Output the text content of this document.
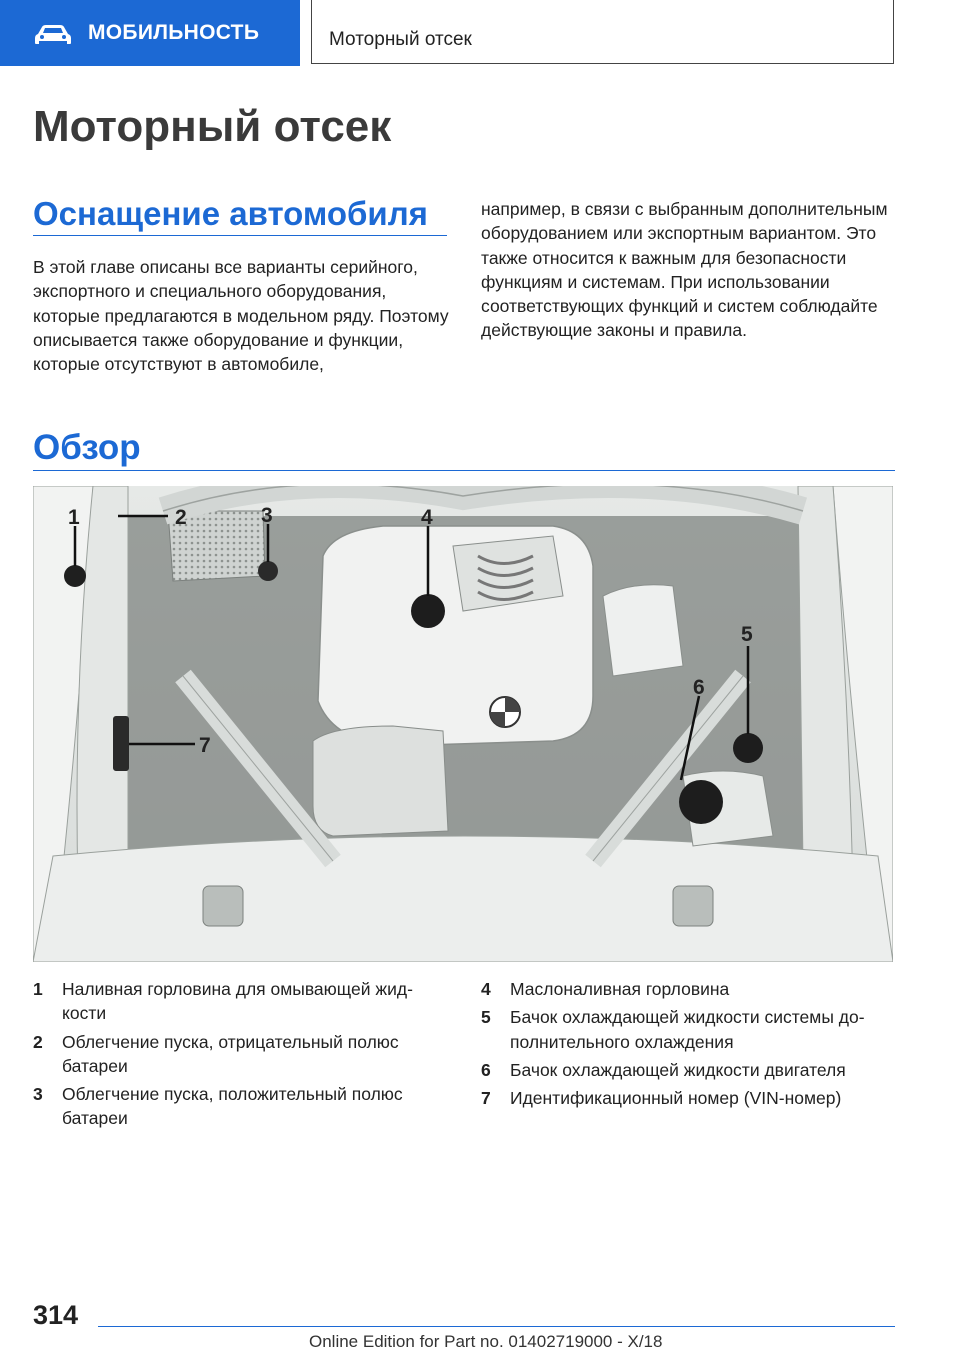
МОБИЛЬНОСТЬ	Моторный отсек
Моторный отсек
Оснащение автомобиля

В этой главе описаны все варианты серийного, экспортного и специального оборудования, которые предлагаются в модельном ряду. Поэтому описывается также оборудование и функции, которые отсутствуют в автомобиле,

например, в связи с выбранным дополнительным оборудованием или экспортным вариантом. Это также относится к важным для безопасности функциям и системам. При использовании соответствующих функций и систем соблюдайте действующие законы и правила.

Обзор
1	2	3	4
5
6
7
1 Наливная горловина для омывающей жидкости
2 Облегчение пуска, отрицательный полюс батареи
3 Облегчение пуска, положительный полюс батареи
4 Маслоналивная горловина
5 Бачок охлаждающей жидкости системы дополнительного охлаждения
6 Бачок охлаждающей жидкости двигателя
7 Идентификационный номер (VIN-номер)
314
Online Edition for Part no. 01402719000 - X/18
